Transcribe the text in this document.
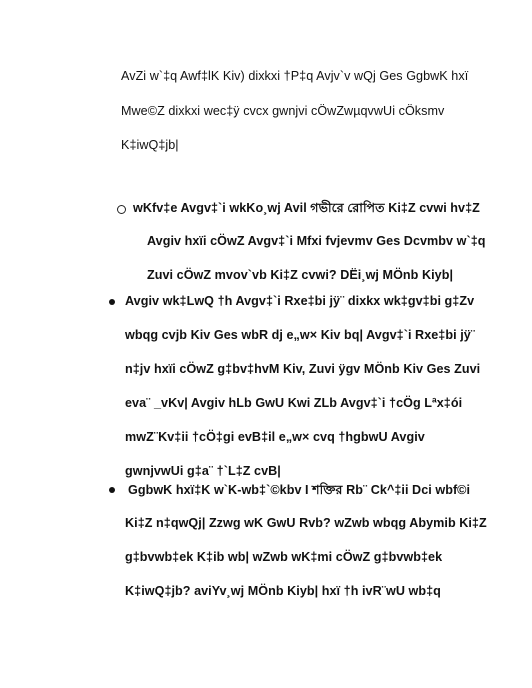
AvZi w`‡q Awf‡lK Kiv) dixkxi †P‡q Avjv`v wQj Ges GgbwK hxï
Mwe©Z dixkxi wec‡ÿ cvcx gwnjvi cÖwZwµqvwUi cÖksmv
K‡iwQ‡jb|
wKfv‡e Avgv‡`i wkKo¸wj Avil গভীরে রোপিত Ki‡Z cvwi hv‡Z
Avgiv hxïi cÖwZ Avgv‡`i Mfxi fvjevmv Ges Dcvmbv w`‡q
Zuvi cÖwZ mvov`vb Ki‡Z cvwi? DËi¸wj MÖnb Kiyb|
Avgiv wk‡LwQ †h Avgv‡`i Rxe‡bi jÿ¨ dixkx wk‡gv‡bi g‡Zv
wbqg cvjb Kiv Ges wbR dj e„w× Kiv bq| Avgv‡`i Rxe‡bi jÿ¨
n‡jv hxïi cÖwZ g‡bv‡hvM Kiv, Zuvi ÿgv MÖnb Kiv Ges Zuvi
eva¨ _vKv| Avgiv hLb GwU Kwi ZLb Avgv‡`i †cÖg Lªx‡ói
mwZ¨Kv‡ii †cÖ‡gi evB‡il e„w× cvq †hgbwU Avgiv
gwnjvwUi g‡a¨ †`L‡Z cvB|
GgbwK hxï‡K w`K-wb‡`©kbv I শক্তির Rb¨ Ck^‡ii Dci wbf©i
Ki‡Z n‡qwQj| Zzwg wK GwU Rvb? wZwb wbqg Abymib Ki‡Z
g‡bvwb‡ek K‡ib wb| wZwb wK‡mi cÖwZ g‡bvwb‡ek
K‡iwQ‡jb? aviYv¸wj MÖnb Kiyb| hxï †h ivR¨wU wb‡q
